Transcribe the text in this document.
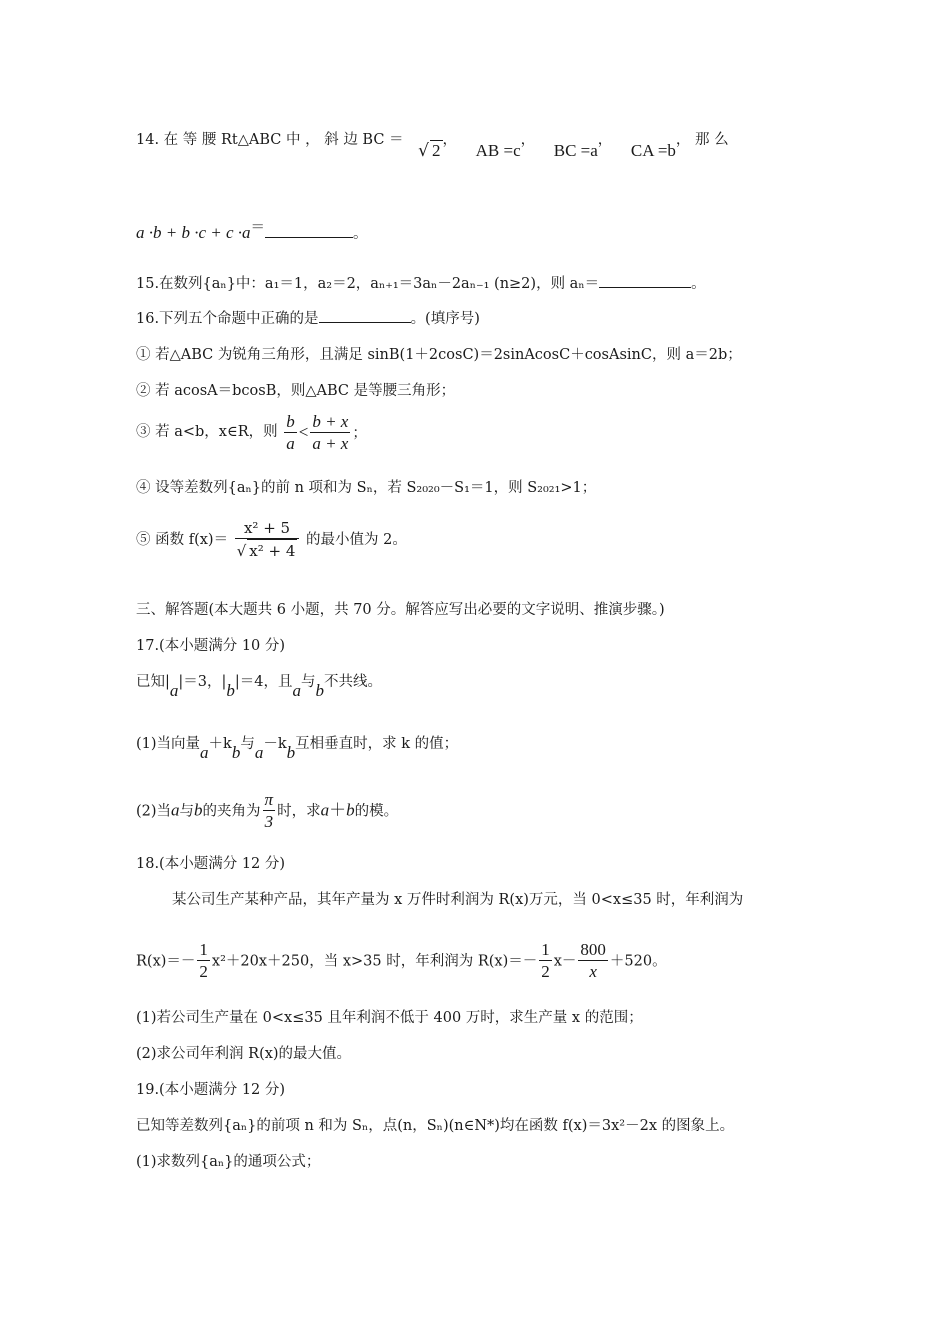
14. 在 等 腰 Rt△ABC 中 ， 斜 边 BC ＝ √ 2， AB =c， BC =a， CA =b， 那 么
a ·b + b ·c + c ·a＝	。
15.在数列{aₙ}中：a₁＝1，a₂＝2，aₙ₊₁＝3aₙ－2aₙ₋₁ (n≥2)，则 aₙ＝	。
16.下列五个命题中正确的是	。(填序号)
① 若△ABC 为锐角三角形，且满足 sinB(1＋2cosC)＝2sinAcosC＋cosAsinC，则 a＝2b；
② 若 acosA＝bcosB，则△ABC 是等腰三角形；
③ 若 a<b，x∈R，则 $\frac{b}{a} < \frac{b + x}{a + x}$ ；
④ 设等差数列{aₙ}的前 n 项和为 Sₙ，若 S₂₀₂₀－S₁＝1，则 S₂₀₂₁>1；
⑤ 函数 $f(x)= \frac{\text{x² + 5}}{\text{√ x² + 4}}$ 的最小值为 2。
三、解答题(本大题共 6 小题，共 70 分。解答应写出必要的文字说明、推演步骤。)
17.(本小题满分 10 分)
已知|a|＝3，|b|＝4，且a与b不共线。
(1)当向量a＋kb与a－kb互相垂直时，求 k 的值；
(2)当a与b的夹角为 $\frac{\pi}{3}$ 时，求a＋b的模。
18.(本小题满分 12 分)
某公司生产某种产品，其年产量为 x 万件时利润为 R(x)万元，当 0<x≤35 时，年利润为
$R(x)=- \frac{1}{2} x^2+20x+250$，当 x>35 时，年利润为 $R(x)=- \frac{1}{2} x- \frac{800}{x} +520$。
(1)若公司生产量在 0<x≤35 且年利润不低于 400 万时，求生产量 x 的范围；
(2)求公司年利润 R(x)的最大值。
19.(本小题满分 12 分)
已知等差数列{aₙ}的前项 n 和为 Sₙ，点(n，Sₙ)(n∈N*)均在函数 f(x)＝3x²－2x 的图象上。
(1)求数列{aₙ}的通项公式；
